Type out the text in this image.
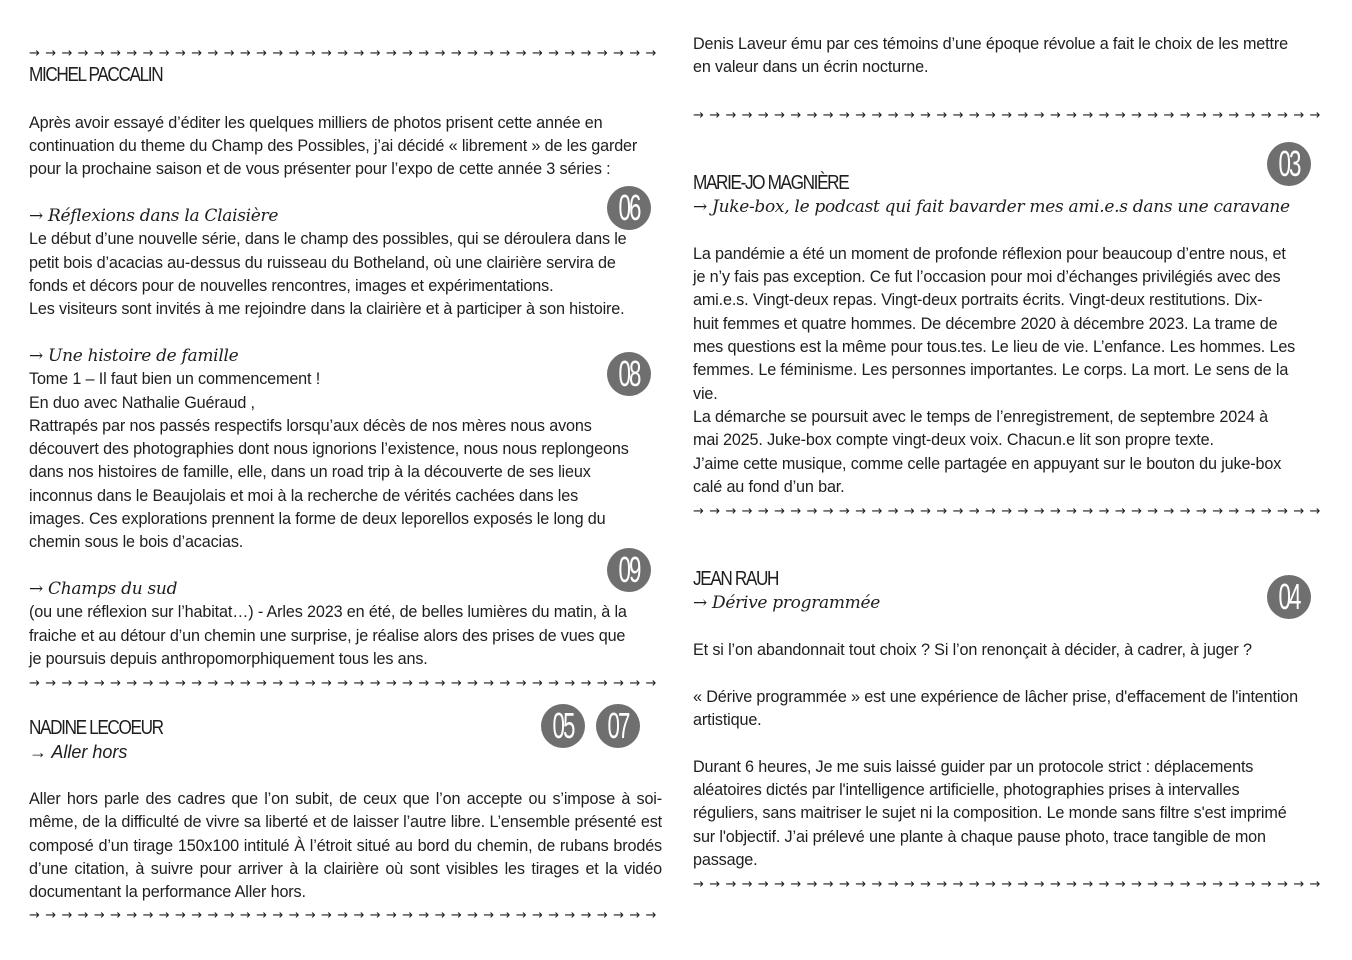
→ → → → → → → → → → → → → → → → → → → → → → → → → → → → → → → → → → → → → → →
MICHEL PACCALIN
Après avoir essayé d’éditer les quelques milliers de photos prisent cette année en
continuation du theme du Champ des Possibles, j’ai décidé « librement » de les garder
pour la prochaine saison et de vous présenter pour l’expo de cette année 3 séries :
→ Réflexions dans la Claisière	06
Le début d’une nouvelle série, dans le champ des possibles, qui se déroulera dans le
petit bois d’acacias au-dessus du ruisseau du Botheland, où une clairière servira de
fonds et décors pour de nouvelles rencontres, images et expérimentations.
Les visiteurs sont invités à me rejoindre dans la clairière et à participer à son histoire.
→ Une histoire de famille	08
Tome 1 – Il faut bien un commencement !
En duo avec Nathalie Guéraud ,
Rattrapés par nos passés respectifs lorsqu’aux décès de nos mères nous avons
découvert des photographies dont nous ignorions l’existence, nous nous replongeons
dans nos histoires de famille, elle, dans un road trip à la découverte de ses lieux
inconnus dans le Beaujolais et moi à la recherche de vérités cachées dans les
images. Ces explorations prennent la forme de deux leporellos exposés le long du
chemin sous le bois d’acacias.
09
→ Champs du sud
(ou une réflexion sur l’habitat…) - Arles 2023 en été, de belles lumières du matin, à la
fraiche et au détour d’un chemin une surprise, je réalise alors des prises de vues que
je poursuis depuis anthropomorphiquement tous les ans.
→ → → → → → → → → → → → → → → → → → → → → → → → → → → → → → → → → → → → → → →
NADINE LECOEUR	05 07
→ Aller hors
Aller hors parle des cadres que l’on subit, de ceux que l’on accepte ou s’impose à soi-même, de la difficulté de vivre sa liberté et de laisser l’autre libre. L’ensemble présenté est composé d’un tirage 150x100 intitulé À l’étroit situé au bord du chemin, de rubans brodés d’une citation, à suivre pour arriver à la clairière où sont visibles les tirages et la vidéo documentant la performance Aller hors.
→ → → → → → → → → → → → → → → → → → → → → → → → → → → → → → → → → → → → → → →
Denis Laveur ému par ces témoins d’une époque révolue a fait le choix de les mettre
en valeur dans un écrin nocturne.
→ → → → → → → → → → → → → → → → → → → → → → → → → → → → → → → → → → → → → → →
03
MARIE-JO MAGNIÈRE
→ Juke-box, le podcast qui fait bavarder mes ami.e.s dans une caravane
La pandémie a été un moment de profonde réflexion pour beaucoup d’entre nous, et
je n’y fais pas exception. Ce fut l’occasion pour moi d’échanges privilégiés avec des
ami.e.s. Vingt-deux repas. Vingt-deux portraits écrits. Vingt-deux restitutions. Dix-
huit femmes et quatre hommes. De décembre 2020 à décembre 2023. La trame de
mes questions est la même pour tous.tes. Le lieu de vie. L’enfance. Les hommes. Les
femmes. Le féminisme. Les personnes importantes. Le corps. La mort. Le sens de la
vie.
La démarche se poursuit avec le temps de l’enregistrement, de septembre 2024 à
mai 2025. Juke-box compte vingt-deux voix. Chacun.e lit son propre texte.
J’aime cette musique, comme celle partagée en appuyant sur le bouton du juke-box
calé au fond d’un bar.
→ → → → → → → → → → → → → → → → → → → → → → → → → → → → → → → → → → → → → → →
JEAN RAUH	04
→ Dérive programmée
Et si l’on abandonnait tout choix ? Si l’on renonçait à décider, à cadrer, à juger ?
« Dérive programmée » est une expérience de lâcher prise, d'effacement de l'intention
artistique.
Durant 6 heures, Je me suis laissé guider par un protocole strict : déplacements
aléatoires dictés par l'intelligence artificielle, photographies prises à intervalles
réguliers, sans maitriser le sujet ni la composition. Le monde sans filtre s'est imprimé
sur l'objectif. J’ai prélevé une plante à chaque pause photo, trace tangible de mon
passage.
→ → → → → → → → → → → → → → → → → → → → → → → → → → → → → → → → → → → → → → →
